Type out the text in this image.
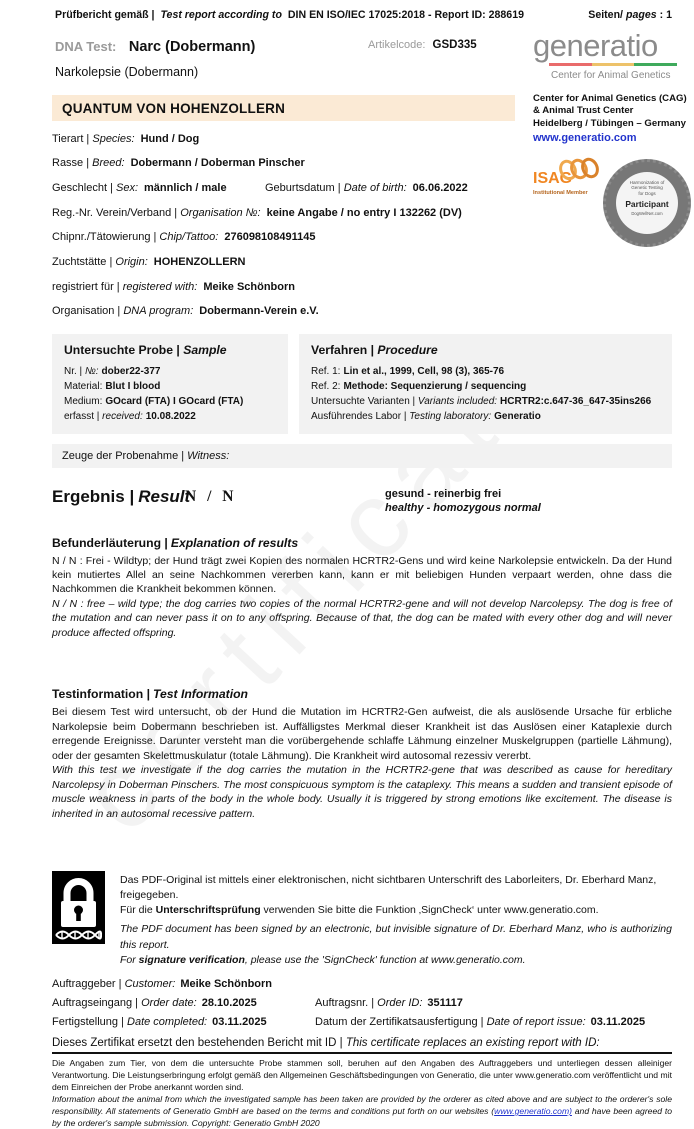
Prüfbericht gemäß | Test report according to DIN EN ISO/IEC 17025:2018 - Report ID: 288619	Seiten/ pages : 1
DNA Test: Narc (Dobermann)	Artikelcode: GSD335
Narkolepsie (Dobermann)
generatio
Center for Animal Genetics
Center for Animal Genetics (CAG)
& Animal Trust Center
Heidelberg / Tübingen – Germany
www.generatio.com
ISAG
Institutional Member
Harmonization of
Genetic Testing
for Dogs
Participant
DogWellNet.com
QUANTUM VON HOHENZOLLERN
Tierart | Species: Hund / Dog
Rasse | Breed: Dobermann / Doberman Pinscher
Geschlecht | Sex: männlich / male	Geburtsdatum | Date of birth: 06.06.2022
Reg.-Nr. Verein/Verband | Organisation №: keine Angabe / no entry I 132262 (DV)
Chipnr./Tätowierung | Chip/Tattoo: 276098108491145
Zuchtstätte | Origin: HOHENZOLLERN
registriert für | registered with: Meike Schönborn
Organisation | DNA program: Dobermann-Verein e.V.
Untersuchte Probe | Sample
Nr. | №: dober22-377
Material: Blut I blood
Medium: GOcard (FTA) I GOcard (FTA)
erfasst | received: 10.08.2022
Verfahren | Procedure
Ref. 1: Lin et al., 1999, Cell, 98 (3), 365-76
Ref. 2: Methode: Sequenzierung / sequencing
Untersuchte Varianten | Variants included: HCRTR2:c.647-36_647-35ins266
Ausführendes Labor | Testing laboratory: Generatio
Zeuge der Probenahme | Witness:
Ergebnis | Result
N / N	gesund - reinerbig frei
healthy - homozygous normal
Befunderläuterung | Explanation of results
N / N : Frei - Wildtyp; der Hund trägt zwei Kopien des normalen HCRTR2-Gens und wird keine Narkolepsie entwickeln. Da der Hund kein mutiertes Allel an seine Nachkommen vererben kann, kann er mit beliebigen Hunden verpaart werden, ohne dass die Nachkommen die Krankheit bekommen können.
N / N : free – wild type; the dog carries two copies of the normal HCRTR2-gene and will not develop Narcolepsy. The dog is free of the mutation and can never pass it on to any offspring. Because of that, the dog can be mated with every other dog and will never produce affected offspring.
Testinformation | Test Information
Bei diesem Test wird untersucht, ob der Hund die Mutation im HCRTR2-Gen aufweist, die als auslösende Ursache für erbliche Narkolepsie beim Dobermann beschrieben ist. Auffälligstes Merkmal dieser Krankheit ist das Auslösen einer Kataplexie durch erregende Ereignisse. Darunter versteht man die vorübergehende schlaffe Lähmung einzelner Muskelgruppen (partielle Lähmung), oder der gesamten Skelettmuskulatur (totale Lähmung). Die Krankheit wird autosomal rezessiv vererbt.
With this test we investigate if the dog carries the mutation in the HCRTR2-gene that was described as cause for hereditary Narcolepsy in Doberman Pinschers. The most conspicuous symptom is the cataplexy. This means a sudden and transient episode of muscle weakness in parts of the body in the whole body. Usually it is triggered by strong emotions like excitement. The disease is inherited in an autosomal recessive pattern.
Das PDF-Original ist mittels einer elektronischen, nicht sichtbaren Unterschrift des Laborleiters, Dr. Eberhard Manz, freigegeben.
Für die Unterschriftsprüfung verwenden Sie bitte die Funktion ‚SignCheck‘ unter www.generatio.com.
The PDF document has been signed by an electronic, but invisible signature of Dr. Eberhard Manz, who is authorizing this report.
For signature verification, please use the 'SignCheck' function at www.generatio.com.
Auftraggeber | Customer: Meike Schönborn
Auftragseingang | Order date: 28.10.2025	Auftragsnr. | Order ID: 351117
Fertigstellung | Date completed: 03.11.2025	Datum der Zertifikatsausfertigung | Date of report issue: 03.11.2025
Dieses Zertifikat ersetzt den bestehenden Bericht mit ID | This certificate replaces an existing report with ID:
Die Angaben zum Tier, von dem die untersuchte Probe stammen soll, beruhen auf den Angaben des Auftraggebers und unterliegen dessen alleiniger Verantwortung. Die Leistungserbringung erfolgt gemäß den Allgemeinen Geschäftsbedingungen von Generatio, die unter www.generatio.com veröffentlicht und mit dem Einreichen der Probe anerkannt worden sind.
Information about the animal from which the investigated sample has been taken are provided by the orderer as cited above and are subject to the orderer's sole responsibility. All statements of Generatio GmbH are based on the terms and conditions put forth on our websites (www.generatio.com) and have been agreed to by the orderer's sample submission. Copyright: Generatio GmbH 2020
